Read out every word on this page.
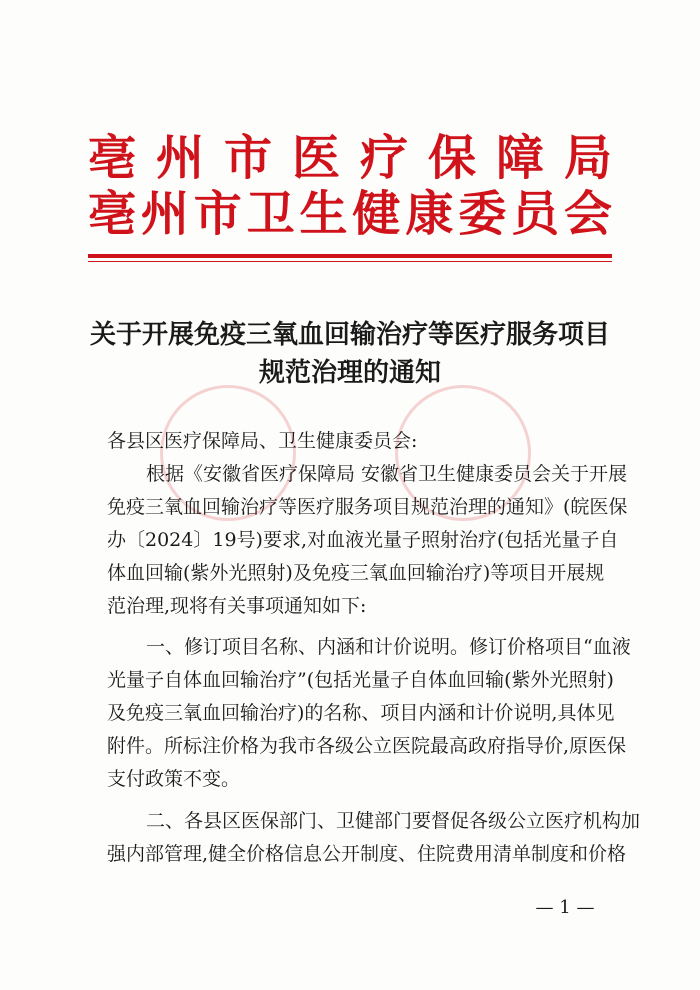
亳州市医疗保障局
亳州市卫生健康委员会
关于开展免疫三氧血回输治疗等医疗服务项目
规范治理的通知
各县区医疗保障局、卫生健康委员会:
根据《安徽省医疗保障局 安徽省卫生健康委员会关于开展
免疫三氧血回输治疗等医疗服务项目规范治理的通知》(皖医保
办〔2024〕19号)要求,对血液光量子照射治疗(包括光量子自
体血回输(紫外光照射)及免疫三氧血回输治疗)等项目开展规
范治理,现将有关事项通知如下:
一、修订项目名称、内涵和计价说明。修订价格项目“血液
光量子自体血回输治疗”(包括光量子自体血回输(紫外光照射)
及免疫三氧血回输治疗)的名称、项目内涵和计价说明,具体见
附件。所标注价格为我市各级公立医院最高政府指导价,原医保
支付政策不变。
二、各县区医保部门、卫健部门要督促各级公立医疗机构加
强内部管理,健全价格信息公开制度、住院费用清单制度和价格
— 1 —
